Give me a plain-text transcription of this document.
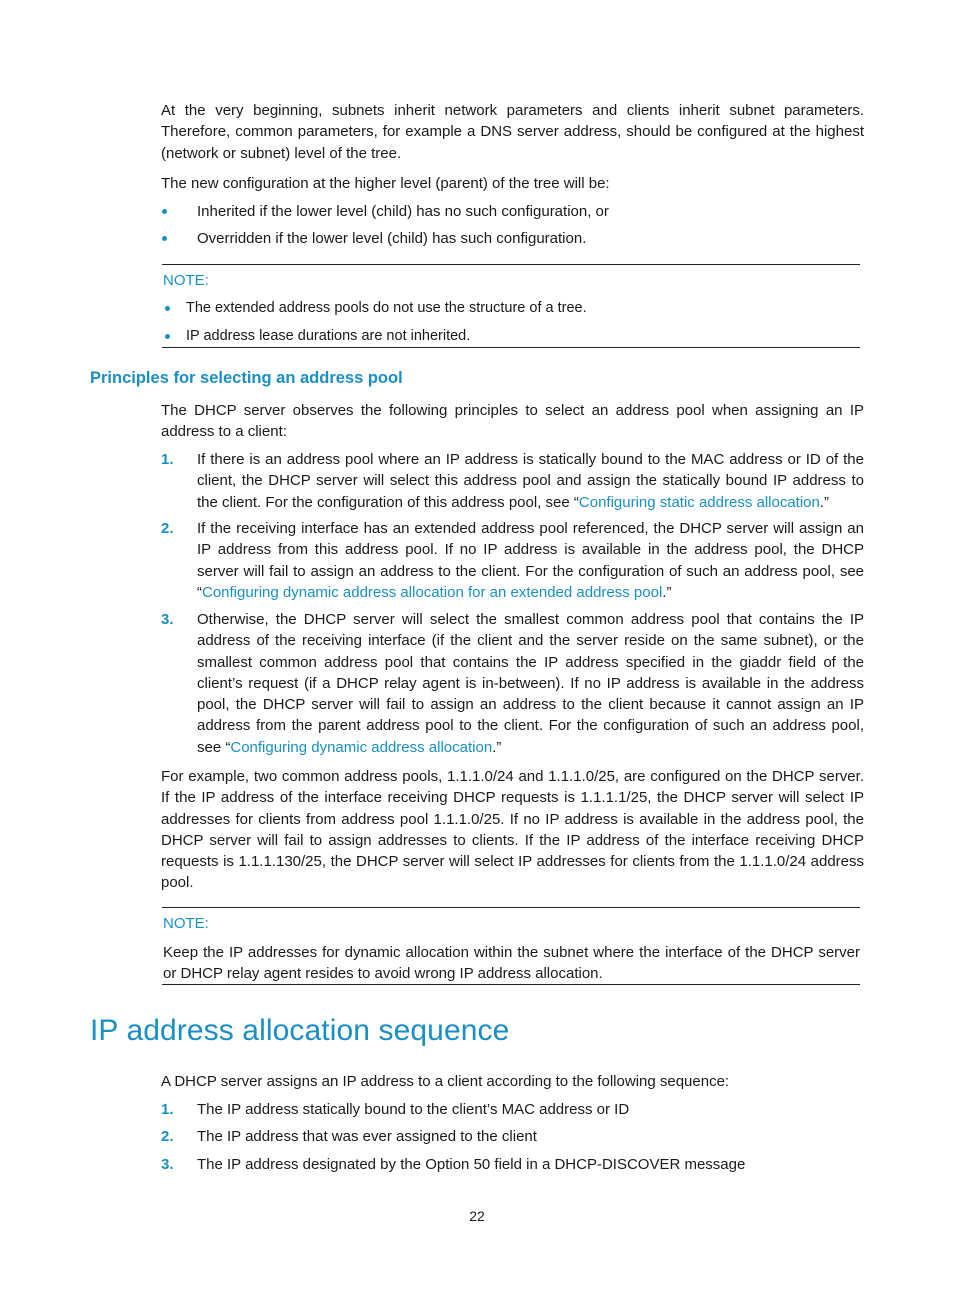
At the very beginning, subnets inherit network parameters and clients inherit subnet parameters. Therefore, common parameters, for example a DNS server address, should be configured at the highest (network or subnet) level of the tree.

The new configuration at the higher level (parent) of the tree will be:

Inherited if the lower level (child) has no such configuration, or
Overridden if the lower level (child) has such configuration.
NOTE:
The extended address pools do not use the structure of a tree.
IP address lease durations are not inherited.
Principles for selecting an address pool

The DHCP server observes the following principles to select an address pool when assigning an IP address to a client:

1. If there is an address pool where an IP address is statically bound to the MAC address or ID of the client, the DHCP server will select this address pool and assign the statically bound IP address to the client. For the configuration of this address pool, see “Configuring static address allocation.”
2. If the receiving interface has an extended address pool referenced, the DHCP server will assign an IP address from this address pool. If no IP address is available in the address pool, the DHCP server will fail to assign an address to the client. For the configuration of such an address pool, see “Configuring dynamic address allocation for an extended address pool.”
3. Otherwise, the DHCP server will select the smallest common address pool that contains the IP address of the receiving interface (if the client and the server reside on the same subnet), or the smallest common address pool that contains the IP address specified in the giaddr field of the client’s request (if a DHCP relay agent is in-between). If no IP address is available in the address pool, the DHCP server will fail to assign an address to the client because it cannot assign an IP address from the parent address pool to the client. For the configuration of such an address pool, see “Configuring dynamic address allocation.”

For example, two common address pools, 1.1.1.0/24 and 1.1.1.0/25, are configured on the DHCP server. If the IP address of the interface receiving DHCP requests is 1.1.1.1/25, the DHCP server will select IP addresses for clients from address pool 1.1.1.0/25. If no IP address is available in the address pool, the DHCP server will fail to assign addresses to clients. If the IP address of the interface receiving DHCP requests is 1.1.1.130/25, the DHCP server will select IP addresses for clients from the 1.1.1.0/24 address pool.

NOTE:
Keep the IP addresses for dynamic allocation within the subnet where the interface of the DHCP server or DHCP relay agent resides to avoid wrong IP address allocation.
IP address allocation sequence

A DHCP server assigns an IP address to a client according to the following sequence:

1. The IP address statically bound to the client’s MAC address or ID
2. The IP address that was ever assigned to the client
3. The IP address designated by the Option 50 field in a DHCP-DISCOVER message
22
